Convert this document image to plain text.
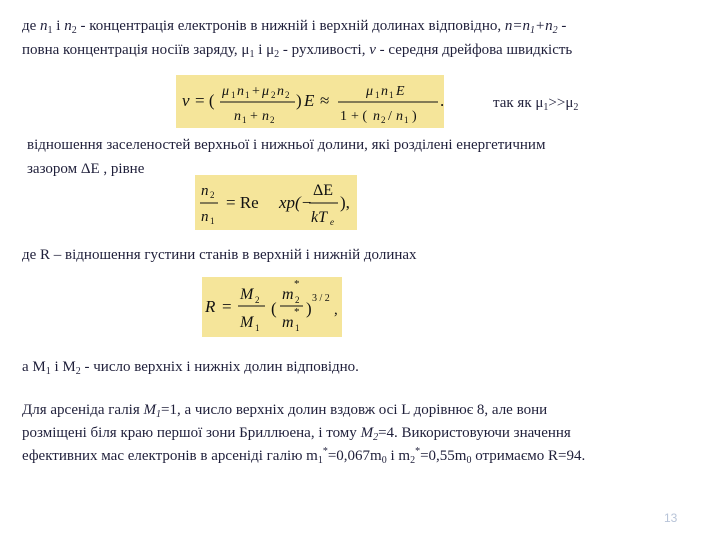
де $n_1$ і $n_2$ - концентрація електронів в нижній і верхній долинах відповідно, $n=n_1+n_2$ -
повна концентрація носіїв заряду, $\mu_1$ і $\mu_2$ - рухливості, v - середня дрейфова швидкість
v = ( μ 1 n 1 + μ 2 n 2
n 1 + n 2
) E ≈	μ 1 n 1 E
1 + ( n 2 / n 1 )
.	так як $\mu_1>>\mu_2$
відношення заселеностей верхньої і нижньої долини, які розділені енергетичним
зазором ΔE , рівне
n 2
n 1
= Re xp(−
ΔE
kT e
),
де R – відношення густини станів в верхній і нижній долинах
R =
M 2
M 1
(
m
*
2
m
*
1
)
3 / 2
,
а $M_1$ і $M_2$ - число верхніх і нижніх долин відповідно.
Для арсеніда галія $M_1=1$, а число верхніх долин вздовж осі L дорівнює 8, але вони
розміщені біля краю першої зони Бриллюена, і тому $M_2=4$. Використовуючи значення
ефективних мас електронів в арсеніді галію $m_1^*=0,067m_0$ і $m_2^*=0,55m_0$ отримаємо R=94.
13
